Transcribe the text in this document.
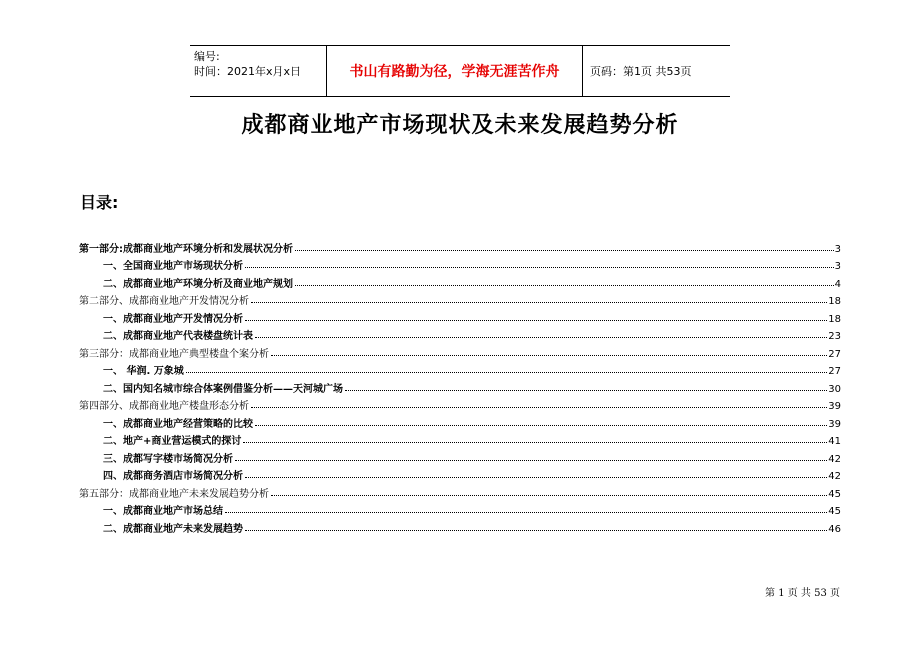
编号:
时间：2021年x月x日	书山有路勤为径，学海无涯苦作舟	页码：第1页 共53页
成都商业地产市场现状及未来发展趋势分析
目录:
第一部分:成都商业地产环境分析和发展状况分析	3
一、全国商业地产市场现状分析	3
二、成都商业地产环境分析及商业地产规划	4
第二部分、成都商业地产开发情况分析	18
一、成都商业地产开发情况分析	18
二、成都商业地产代表楼盘统计表	23
第三部分：成都商业地产典型楼盘个案分析	27
一、 华润. 万象城	27
二、国内知名城市综合体案例借鉴分析——天河城广场	30
第四部分、成都商业地产楼盘形态分析	39
一、成都商业地产经营策略的比较	39
二、地产+商业营运模式的探讨	41
三、成都写字楼市场简况分析	42
四、成都商务酒店市场简况分析	42
第五部分：成都商业地产未来发展趋势分析	45
一、成都商业地产市场总结	45
二、成都商业地产未来发展趋势	46
第 1 页 共 53 页
